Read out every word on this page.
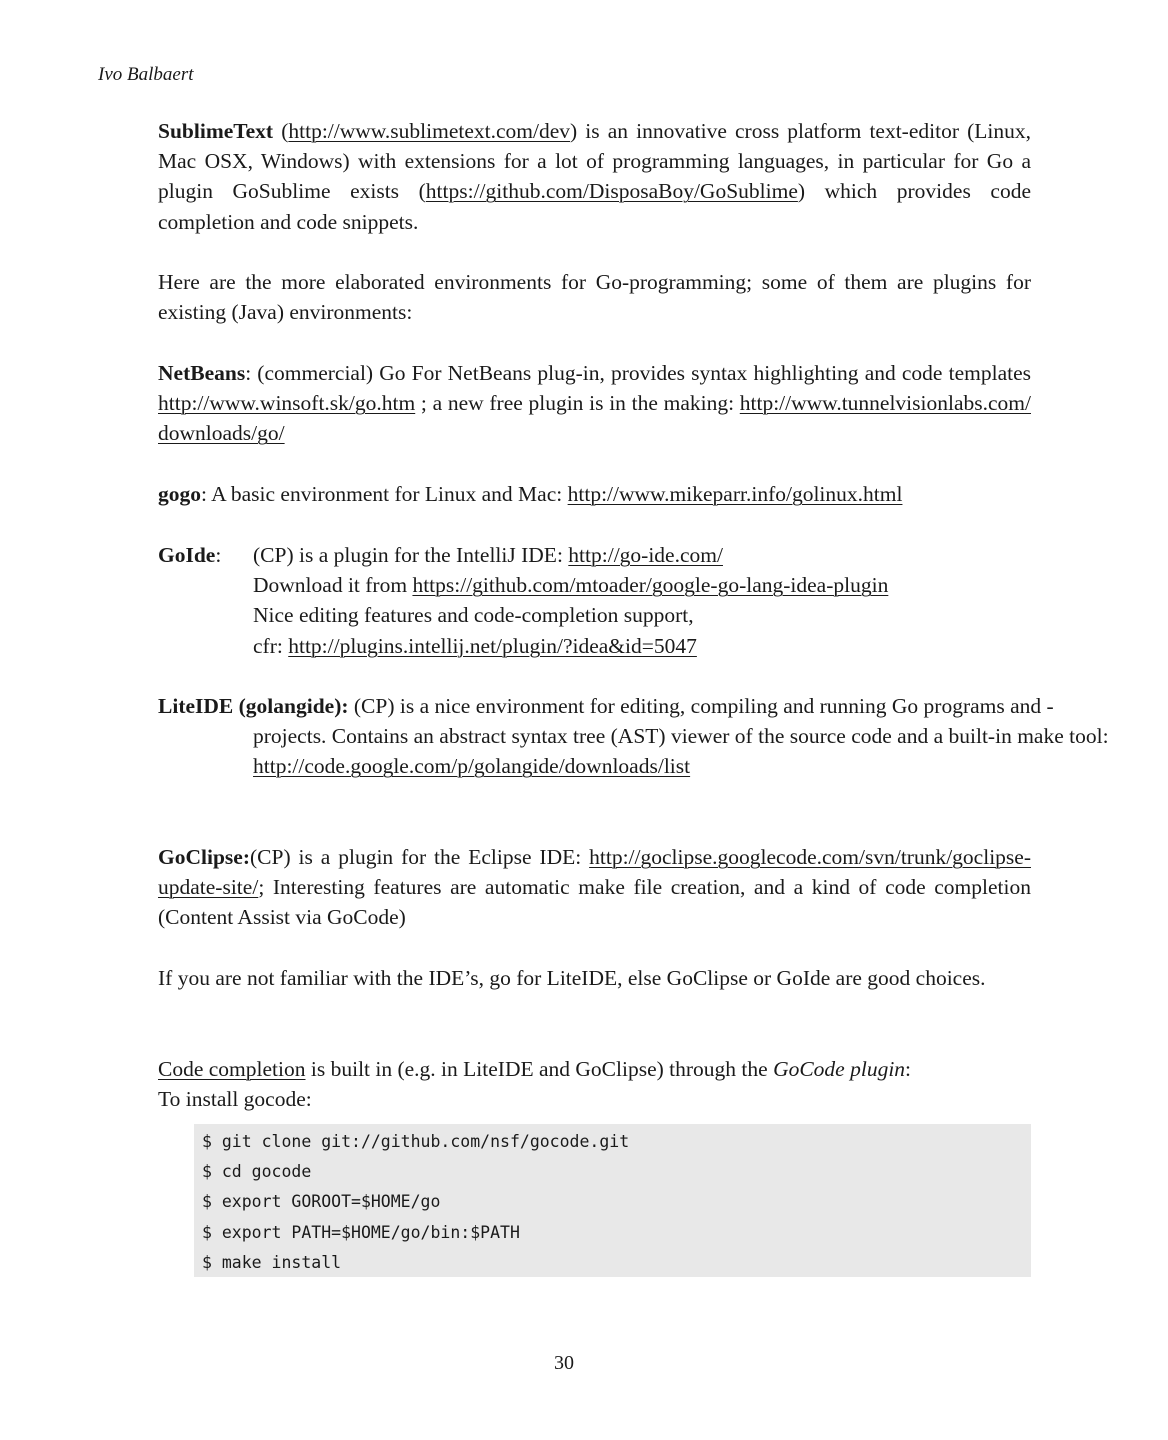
Ivo Balbaert
SublimeText (http://www.sublimetext.com/dev) is an innovative cross platform text-editor (Linux, Mac OSX, Windows) with extensions for a lot of programming languages, in particular for Go a plugin GoSublime exists (https://github.com/DisposaBoy/GoSublime) which provides code completion and code snippets.
Here are the more elaborated environments for Go-programming; some of them are plugins for existing (Java) environments:
NetBeans: (commercial) Go For NetBeans plug-in, provides syntax highlighting and code templates http://www.winsoft.sk/go.htm ; a new free plugin is in the making: http://www.tunnelvisionlabs.com/downloads/go/
gogo: A basic environment for Linux and Mac: http://www.mikeparr.info/golinux.html
GoIde: (CP) is a plugin for the IntelliJ IDE: http://go-ide.com/
Download it from https://github.com/mtoader/google-go-lang-idea-plugin
Nice editing features and code-completion support,
cfr: http://plugins.intellij.net/plugin/?idea&id=5047
LiteIDE (golangide): (CP) is a nice environment for editing, compiling and running Go programs and -projects. Contains an abstract syntax tree (AST) viewer of the source code and a built-in make tool:      http://code.google.com/p/golangide/downloads/list
GoClipse:(CP) is a plugin for the Eclipse IDE: http://goclipse.googlecode.com/svn/trunk/goclipse-update-site/; Interesting features are automatic make file creation, and a kind of code completion (Content Assist via GoCode)
If you are not familiar with the IDE’s, go for LiteIDE, else GoClipse or GoIde are good choices.
Code completion is built in (e.g. in LiteIDE and GoClipse) through the GoCode plugin:
To install gocode:
$ git clone git://github.com/nsf/gocode.git
$ cd gocode
$ export GOROOT=$HOME/go
$ export PATH=$HOME/go/bin:$PATH
$ make install
30
